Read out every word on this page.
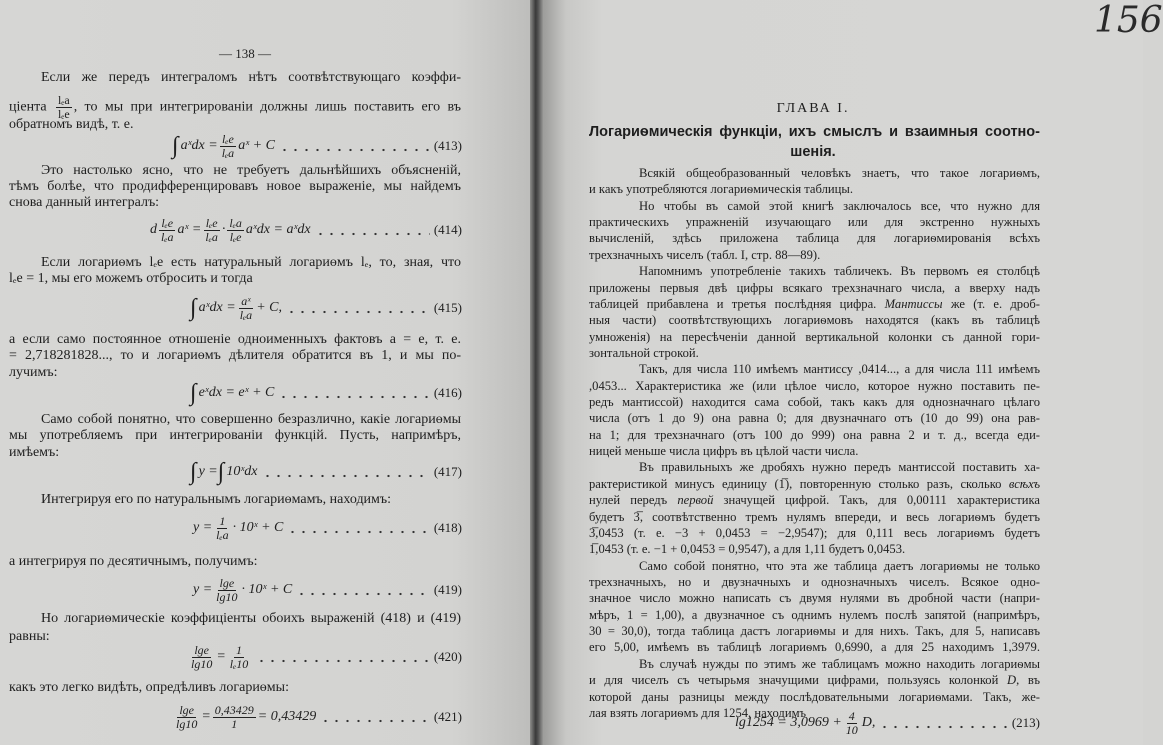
— 138 —
Если же передъ интеграломъ нѣтъ соотвѣтствующаго коэффи-
ціента $\frac{\text{lₑa}}{\text{lₑe}}$ , то мы при интегрированіи должны лишь поставить его въ
обратномъ видѣ, т. е.
Это настолько ясно, что не требуетъ дальнѣйшихъ объясненій,
тѣмъ болѣе, что продифференцировавъ новое выраженіе, мы найдемъ
снова данный интегралъ:
Если логариѳмъ lₑe есть натуральный логариѳмъ lₑ, то, зная, что
lₑe = 1, мы его можемъ отбросить и тогда
а если само постоянное отношеніе одноименныхъ фактовъ a = e, т. е.
= 2,718281828..., то и логариѳмъ дѣлителя обратится въ 1, и мы по-
лучимъ:
Само собой понятно, что совершенно безразлично, какіе логариѳмы
мы употребляемъ при интегрированіи функцій. Пусть, напримѣръ,
имѣемъ:
Интегрируя его по натуральнымъ логариѳмамъ, находимъ:
а интегрируя по десятичнымъ, получимъ:
Но логариѳмическіе коэффиціенты обоихъ выраженій (418) и (419)
равны:
какъ это легко видѣть, опредѣливъ логариѳмы:
∫ aˣdx = $\frac{\text{lₑe}}{\text{lₑa}}$ aˣ + C	(413)
d $\frac{\text{lₑe}}{\text{lₑa}}$ aˣ = $\frac{\text{lₑe}}{\text{lₑa}} \cdot \frac{\text{lₑa}}{\text{lₑe}}$ aˣdx = aˣdx	(414)
∫ aˣdx = $\frac{\text{aˣ}}{\text{lₑa}} + C$,	(415)
∫ eˣdx = eˣ + C	(416)
∫ y = ∫ 10ˣdx	(417)
$y = \frac{1}{\text{lₑa}}$ · 10ˣ + C	(418)
$y = \frac{\lg e}{\lg 10}$ · 10ˣ + C	(419)
$\frac{\lg e}{\lg 10} = \frac{1}{\text{lₑ10}}$	(420)
$\frac{\lg e}{\lg 10} = \frac{0,43429}{1} = 0,43429$	(421)
156
ГЛАВА I.
Логариѳмическія функціи, ихъ смыслъ и взаимныя соотно-
шенія.
Всякій общеобразованный человѣкъ знаетъ, что такое логариѳмъ,
и какъ употребляются логариѳмическія таблицы.
Но чтобы въ самой этой книгѣ заключалось все, что нужно для
практическихъ упражненій изучающаго или для экстренно нужныхъ
вычисленій, здѣсь приложена таблица для логариѳмированія всѣхъ
трехзначныхъ чиселъ (табл. I, стр. 88—89).
Напомнимъ употребленіе такихъ табличекъ. Въ первомъ ея столбцѣ
приложены первыя двѣ цифры всякаго трехзначнаго числа, а вверху надъ
таблицей прибавлена и третья послѣдняя цифра. Мантиссы же (т. е. дроб-
ныя части) соотвѣтствующихъ логариѳмовъ находятся (какъ въ таблицѣ
умноженія) на пересѣченіи данной вертикальной колонки съ данной гори-
зонтальной строкой.
Такъ, для числа 110 имѣемъ мантиссу ,0414..., а для числа 111 имѣемъ
,0453... Характеристика же (или цѣлое число, которое нужно поставить пе-
редъ мантиссой) находится сама собой, такъ какъ для однозначнаго цѣлаго
числа (отъ 1 до 9) она равна 0; для двузначнаго отъ (10 до 99) она рав-
на 1; для трехзначнаго (отъ 100 до 999) она равна 2 и т. д., всегда еди-
ницей меньше числа цифръ въ цѣлой части числа.
Въ правильныхъ же дробяхъ нужно передъ мантиссой поставить ха-
рактеристикой минусъ единицу (1̅), повторенную столько разъ, сколько всѣхъ
нулей передъ первой значущей цифрой. Такъ, для 0,00111 характеристика
будетъ 3̅, соотвѣтственно тремъ нулямъ впереди, и весь логариѳмъ будетъ
3̅,0453 (т. е. −3 + 0,0453 = −2,9547); для 0,111 весь логариѳмъ будетъ
1̅,0453 (т. е. −1 + 0,0453 = 0,9547), а для 1,11 будетъ 0,0453.
Само собой понятно, что эта же таблица даетъ логариѳмы не только
трехзначныхъ, но и двузначныхъ и однозначныхъ чиселъ. Всякое одно-
значное число можно написать съ двумя нулями въ дробной части (напри-
мѣръ, 1 = 1,00), а двузначное съ однимъ нулемъ послѣ запятой (напримѣръ,
30 = 30,0), тогда таблица дастъ логариѳмы и для нихъ. Такъ, для 5, написавъ
его 5,00, имѣемъ въ таблицѣ логариѳмъ 0,6990, а для 25 находимъ 1,3979.
Въ случаѣ нужды по этимъ же таблицамъ можно находить логариѳмы
и для чиселъ съ четырьмя значущими цифрами, пользуясь колонкой D, въ
которой даны разницы между послѣдовательными логариѳмами. Такъ, же-
лая взять логариѳмъ для 1254, находимъ
$\lg 1254 = 3,0969 + \frac{4}{10} D$,	(213)
